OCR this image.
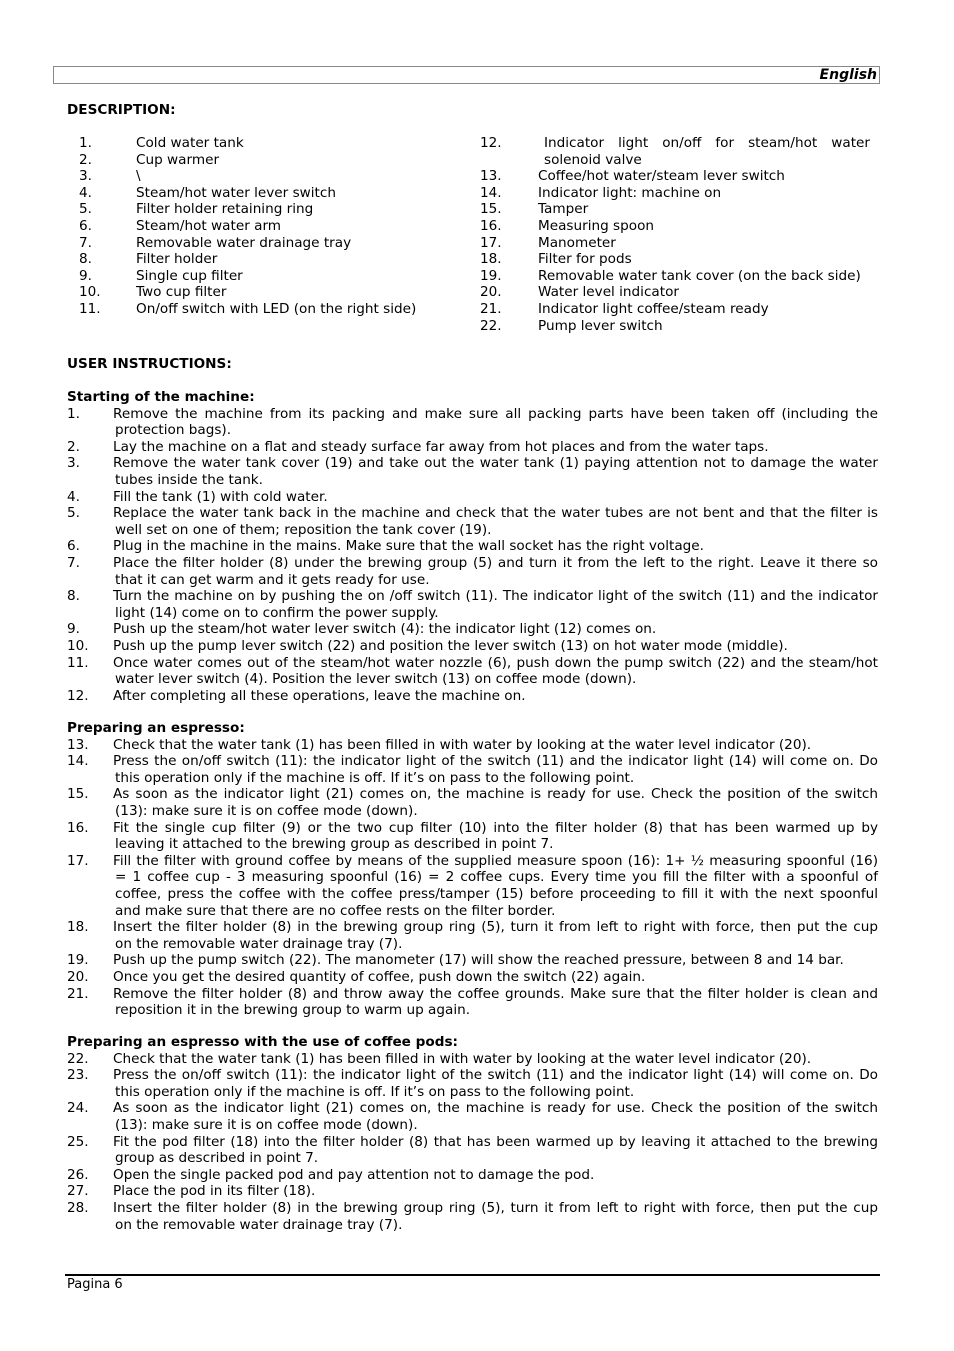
English
DESCRIPTION:
1.	Cold water tank
2.	Cup warmer
3.	\
4.	Steam/hot water lever switch
5.	Filter holder retaining ring
6.	Steam/hot water arm
7.	Removable water drainage tray
8.	Filter holder
9.	Single cup filter
10.	Two cup filter
11.	On/off switch with LED (on the right side)
12.	Indicator light on/off for steam/hot water solenoid valve
13.	Coffee/hot water/steam lever switch
14.	Indicator light: machine on
15.	Tamper
16.	Measuring spoon
17.	Manometer
18.	Filter for pods
19.	Removable water tank cover (on the back side)
20.	Water level indicator
21.	Indicator light coffee/steam ready
22.	Pump lever switch
USER INSTRUCTIONS:
Starting of the machine:
1.	Remove the machine from its packing and make sure all packing parts have been taken off (including the
protection bags).
2.	Lay the machine on a flat and steady surface far away from hot places and from the water taps.
3.	Remove the water tank cover (19) and take out the water tank (1) paying attention not to damage the water
tubes inside the tank.
4.	Fill the tank (1) with cold water.
5.	Replace the water tank back in the machine and check that the water tubes are not bent and that the filter is
well set on one of them; reposition the tank cover (19).
6.	Plug in the machine in the mains. Make sure that the wall socket has the right voltage.
7.	Place the filter holder (8) under the brewing group (5) and turn it from the left to the right. Leave it there so
that it can get warm and it gets ready for use.
8.	Turn the machine on by pushing the on /off switch (11). The indicator light of the switch (11) and the indicator
light (14) come on to confirm the power supply.
9.	Push up the steam/hot water lever switch (4): the indicator light (12) comes on.
10.	Push up the pump lever switch (22) and position the lever switch (13) on hot water mode (middle).
11.	Once water comes out of the steam/hot water nozzle (6), push down the pump switch (22) and the steam/hot
water lever switch (4). Position the lever switch (13) on coffee mode (down).
12.	After completing all these operations, leave the machine on.
Preparing an espresso:
13.	Check that the water tank (1) has been filled in with water by looking at the water level indicator (20).
14.	Press the on/off switch (11): the indicator light of the switch (11) and the indicator light (14) will come on. Do
this operation only if the machine is off. If it’s on pass to the following point.
15.	As soon as the indicator light (21) comes on, the machine is ready for use. Check the position of the switch
(13): make sure it is on coffee mode (down).
16.	Fit the single cup filter (9) or the two cup filter (10) into the filter holder (8) that has been warmed up by
leaving it attached to the brewing group as described in point 7.
17.	Fill the filter with ground coffee by means of the supplied measure spoon (16): 1+ ½ measuring spoonful (16)
= 1 coffee cup - 3 measuring spoonful (16) = 2 coffee cups. Every time you fill the filter with a spoonful of
coffee, press the coffee with the coffee press/tamper (15) before proceeding to fill it with the next spoonful
and make sure that there are no coffee rests on the filter border.
18.	Insert the filter holder (8) in the brewing group ring (5), turn it from left to right with force, then put the cup
on the removable water drainage tray (7).
19.	Push up the pump switch (22). The manometer (17) will show the reached pressure, between 8 and 14 bar.
20.	Once you get the desired quantity of coffee, push down the switch (22) again.
21.	Remove the filter holder (8) and throw away the coffee grounds. Make sure that the filter holder is clean and
reposition it in the brewing group to warm up again.
Preparing an espresso with the use of coffee pods:
22.	Check that the water tank (1) has been filled in with water by looking at the water level indicator (20).
23.	Press the on/off switch (11): the indicator light of the switch (11) and the indicator light (14) will come on. Do
this operation only if the machine is off. If it’s on pass to the following point.
24.	As soon as the indicator light (21) comes on, the machine is ready for use. Check the position of the switch
(13): make sure it is on coffee mode (down).
25.	Fit the pod filter (18) into the filter holder (8) that has been warmed up by leaving it attached to the brewing
group as described in point 7.
26.	Open the single packed pod and pay attention not to damage the pod.
27.	Place the pod in its filter (18).
28.	Insert the filter holder (8) in the brewing group ring (5), turn it from left to right with force, then put the cup
on the removable water drainage tray (7).
Pagina 6
